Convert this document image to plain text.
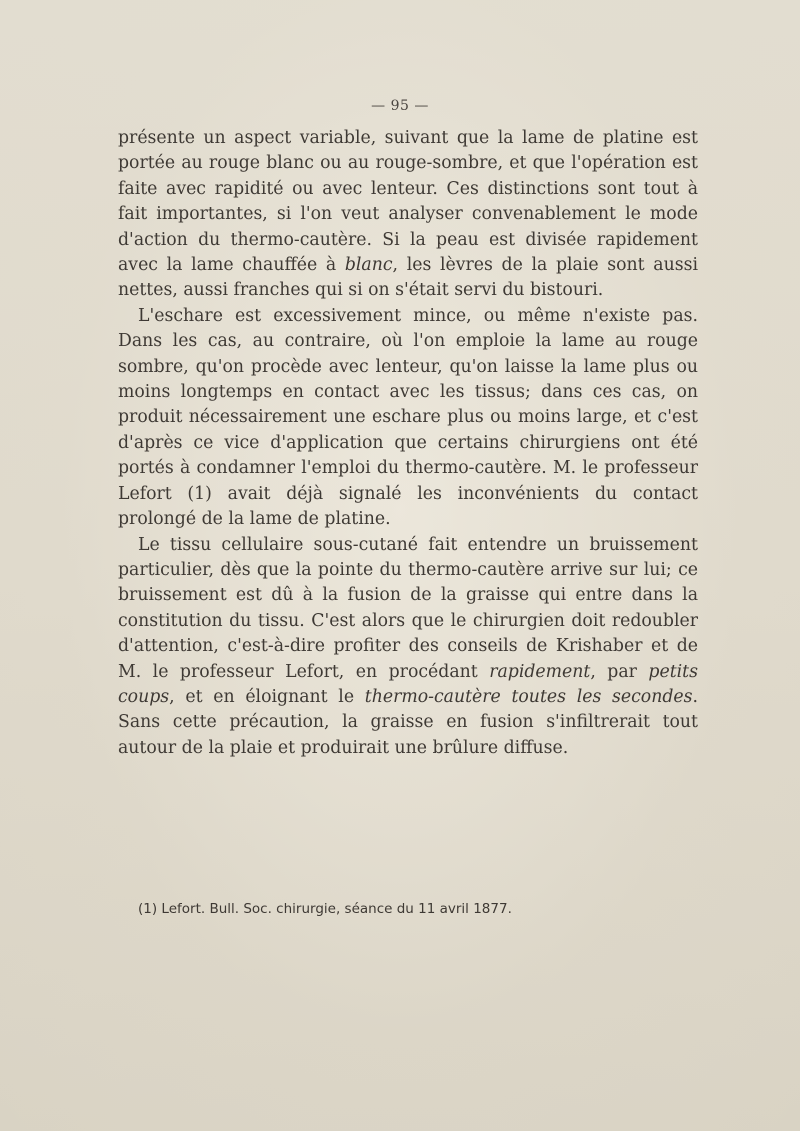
— 95 —

présente un aspect variable, suivant que la lame de platine est portée au rouge blanc ou au rouge-sombre, et que l'opération est faite avec rapidité ou avec lenteur. Ces distinctions sont tout à fait importantes, si l'on veut analyser convenablement le mode d'action du thermo-cautère. Si la peau est divisée rapidement avec la lame chauffée à blanc, les lèvres de la plaie sont aussi nettes, aussi franches qui si on s'était servi du bistouri.

L'eschare est excessivement mince, ou même n'existe pas. Dans les cas, au contraire, où l'on emploie la lame au rouge sombre, qu'on procède avec lenteur, qu'on laisse la lame plus ou moins longtemps en contact avec les tissus; dans ces cas, on produit nécessairement une eschare plus ou moins large, et c'est d'après ce vice d'application que certains chirurgiens ont été portés à condamner l'emploi du thermo-cautère. M. le professeur Lefort (1) avait déjà signalé les inconvénients du contact prolongé de la lame de platine.

Le tissu cellulaire sous-cutané fait entendre un bruissement particulier, dès que la pointe du thermo-cautère arrive sur lui; ce bruissement est dû à la fusion de la graisse qui entre dans la constitution du tissu. C'est alors que le chirurgien doit redoubler d'attention, c'est-à-dire profiter des conseils de Krishaber et de M. le professeur Lefort, en procédant rapidement, par petits coups, et en éloignant le thermo-cautère toutes les secondes. Sans cette précaution, la graisse en fusion s'infiltrerait tout autour de la plaie et produirait une brûlure diffuse.

(1) Lefort. Bull. Soc. chirurgie, séance du 11 avril 1877.
